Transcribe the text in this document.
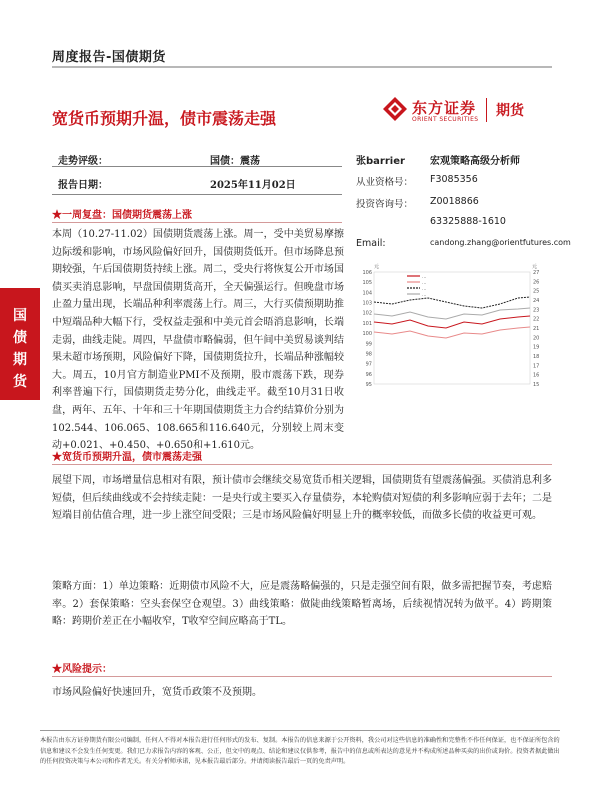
周度报告-国债期货
宽货币预期升温，债市震荡走强
东方证券
ORIENT SECURITIES
期货
国
债
期
货
走势评级：	国债：震荡
报告日期：	2025年11月02日
张barrier	宏观策略高级分析师
从业资格号： F3085356
投资咨询号： Z0018866
63325888-1610
Email:	candong.zhang@orientfutures.com
106
105
104
103
102
101
100
99
98
97
96
95
27
26
25
24
23
22
21
20
19
18
17
16
15
元	元
…
…
…
…
★一周复盘：国债期货震荡上涨
本周（10.27-11.02）国债期货震荡上涨。周一，受中美贸易摩擦边际缓和影响，市场风险偏好回升，国债期货低开。但市场降息预期较强，午后国债期货持续上涨。周二，受央行将恢复公开市场国债买卖消息影响，早盘国债期货高开，全天偏强运行。但晚盘市场止盈力量出现，长端品种利率震荡上行。周三，大行买债预期助推中短端品种大幅下行，受权益走强和中美元首会晤消息影响，长端走弱，曲线走陡。周四，早盘债市略偏弱，但午间中美贸易谈判结果未超市场预期，风险偏好下降，国债期货拉升，长端品种涨幅较大。周五，10月官方制造业PMI不及预期，股市震荡下跌，现券利率普遍下行，国债期货走势分化，曲线走平。截至10月31日收盘，两年、五年、十年和三十年期国债期货主力合约结算价分别为102.544、106.065、108.665和116.640元，分别较上周末变动+0.021、+0.450、+0.650和+1.610元。
★宽货币预期升温，债市震荡走强
展望下周，市场增量信息相对有限，预计债市会继续交易宽货币相关逻辑，国债期货有望震荡偏强。买债消息利多短债，但后续曲线或不会持续走陡：一是央行或主要买入存量债券，本轮购债对短债的利多影响应弱于去年；二是短端目前估值合理，进一步上涨空间受限；三是市场风险偏好明显上升的概率较低，而做多长债的收益更可观。
策略方面：1）单边策略：近期债市风险不大，应是震荡略偏强的，只是走强空间有限，做多需把握节奏，考虑赔率。2）套保策略：空头套保空仓观望。3）曲线策略：做陡曲线策略暂离场，后续视情况转为做平。4）跨期策略：跨期价差正在小幅收窄，T收窄空间应略高于TL。
★风险提示：
市场风险偏好快速回升，宽货币政策不及预期。
本报告由东方证券期货有限公司编制，任何人不得对本报告进行任何形式的发布、复制。本报告的信息来源于公开资料，我公司对这些信息的准确性和完整性不作任何保证，也不保证所包含的信息和建议不会发生任何变更。我们已力求报告内容的客观、公正，但文中的观点、结论和建议仅供参考，报告中的信息或所表达的意见并不构成所述品种买卖的出价或询价。投资者据此做出的任何投资决策与本公司和作者无关。有关分析师承诺，见本报告最后部分。并请阅读报告最后一页的免责声明。
